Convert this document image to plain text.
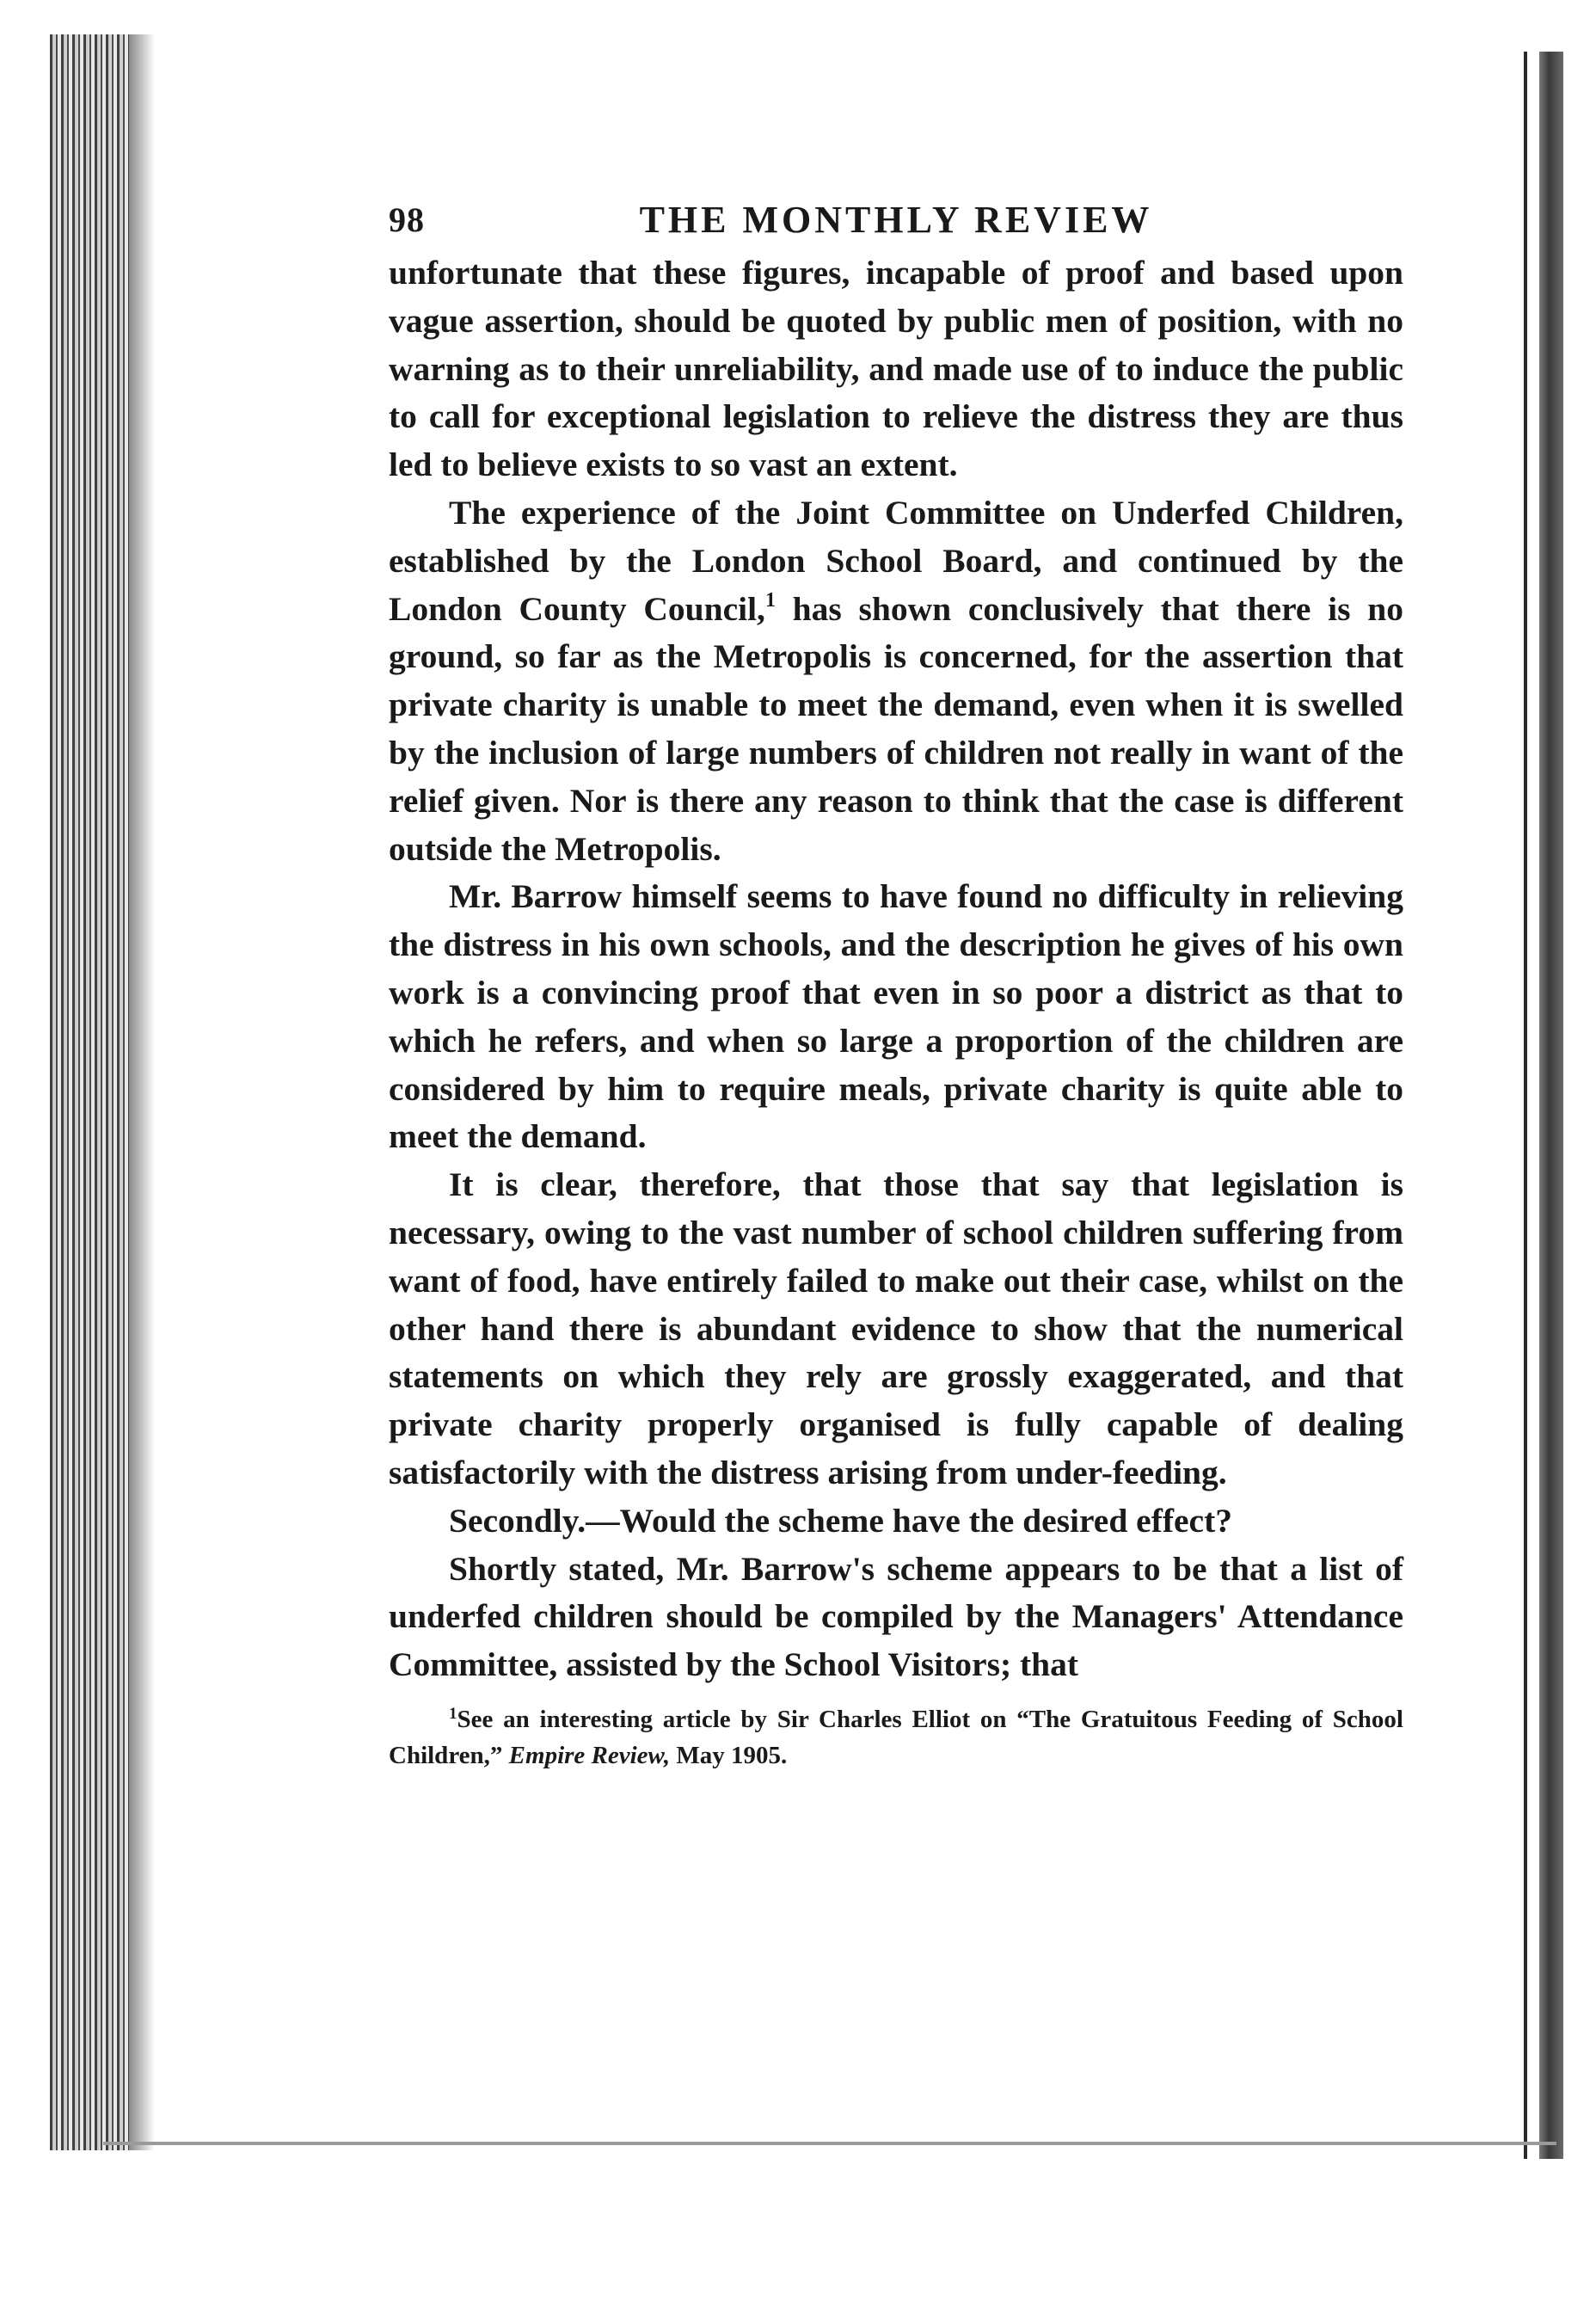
98	THE MONTHLY REVIEW

unfortunate that these figures, incapable of proof and based upon vague assertion, should be quoted by public men of position, with no warning as to their unreliability, and made use of to induce the public to call for exceptional legislation to relieve the distress they are thus led to believe exists to so vast an extent.

The experience of the Joint Committee on Underfed Children, established by the London School Board, and continued by the London County Council,$^1$ has shown conclusively that there is no ground, so far as the Metropolis is concerned, for the assertion that private charity is unable to meet the demand, even when it is swelled by the inclusion of large numbers of children not really in want of the relief given. Nor is there any reason to think that the case is different outside the Metropolis.

Mr. Barrow himself seems to have found no difficulty in relieving the distress in his own schools, and the description he gives of his own work is a convincing proof that even in so poor a district as that to which he refers, and when so large a proportion of the children are considered by him to require meals, private charity is quite able to meet the demand.

It is clear, therefore, that those that say that legislation is necessary, owing to the vast number of school children suffering from want of food, have entirely failed to make out their case, whilst on the other hand there is abundant evidence to show that the numerical statements on which they rely are grossly exaggerated, and that private charity properly organised is fully capable of dealing satisfactorily with the distress arising from under-feeding.

Secondly.—Would the scheme have the desired effect?

Shortly stated, Mr. Barrow's scheme appears to be that a list of underfed children should be compiled by the Managers' Attendance Committee, assisted by the School Visitors; that

$^1$See an interesting article by Sir Charles Elliot on “The Gratuitous Feeding of School Children,” Empire Review, May 1905.
